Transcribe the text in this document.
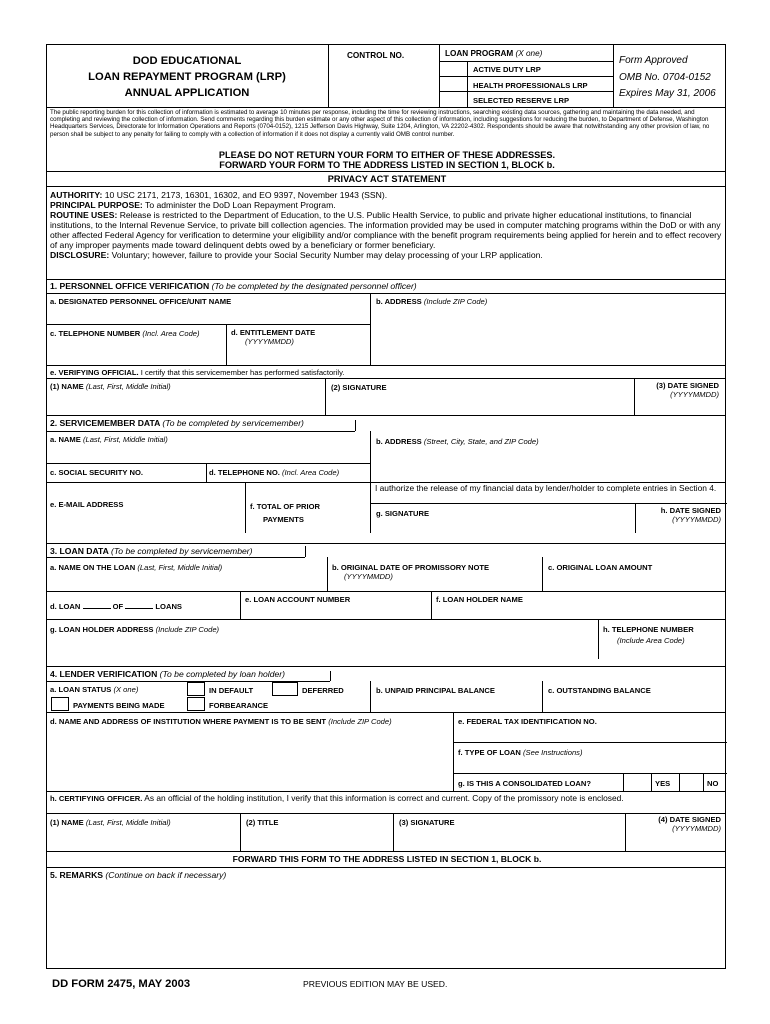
DOD EDUCATIONAL
LOAN REPAYMENT PROGRAM (LRP)
ANNUAL APPLICATION
CONTROL NO.	LOAN PROGRAM (X one)
ACTIVE DUTY LRP
HEALTH PROFESSIONALS LRP
SELECTED RESERVE LRP
Form Approved
OMB No. 0704-0152
Expires May 31, 2006
The public reporting burden for this collection of information is estimated to average 10 minutes per response, including the time for reviewing instructions, searching existing data sources, gathering and maintaining the data needed, and completing and reviewing the collection of information. Send comments regarding this burden estimate or any other aspect of this collection of information, including suggestions for reducing the burden, to Department of Defense, Washington Headquarters Services, Directorate for Information Operations and Reports (0704-0152), 1215 Jefferson Davis Highway, Suite 1204, Arlington, VA 22202-4302. Respondents should be aware that notwithstanding any other provision of law, no person shall be subject to any penalty for failing to comply with a collection of information if it does not display a currently valid OMB control number.
PLEASE DO NOT RETURN YOUR FORM TO EITHER OF THESE ADDRESSES.
FORWARD YOUR FORM TO THE ADDRESS LISTED IN SECTION 1, BLOCK b.
PRIVACY ACT STATEMENT
AUTHORITY: 10 USC 2171, 2173, 16301, 16302, and EO 9397, November 1943 (SSN).
PRINCIPAL PURPOSE: To administer the DoD Loan Repayment Program.
ROUTINE USES: Release is restricted to the Department of Education, to the U.S. Public Health Service, to public and private higher educational institutions, to financial institutions, to the Internal Revenue Service, to private bill collection agencies. The information provided may be used in computer matching programs within the DoD or with any other affected Federal Agency for verification to determine your eligibility and/or compliance with the benefit program requirements being applied for herein and to effect recovery of any improper payments made toward delinquent debts owed by a beneficiary or former beneficiary.
DISCLOSURE: Voluntary; however, failure to provide your Social Security Number may delay processing of your LRP application.
1. PERSONNEL OFFICE VERIFICATION (To be completed by the designated personnel officer)
a. DESIGNATED PERSONNEL OFFICE/UNIT NAME	b. ADDRESS (Include ZIP Code)
c. TELEPHONE NUMBER (Incl. Area Code)	d. ENTITLEMENT DATE
(YYYYMMDD)
e. VERIFYING OFFICIAL. I certify that this servicemember has performed satisfactorily.
(1) NAME (Last, First, Middle Initial)	(2) SIGNATURE	(3) DATE SIGNED
(YYYYMMDD)
2. SERVICEMEMBER DATA (To be completed by servicemember)
a. NAME (Last, First, Middle Initial)	b. ADDRESS (Street, City, State, and ZIP Code)
c. SOCIAL SECURITY NO.	d. TELEPHONE NO. (Incl. Area Code)
e. E-MAIL ADDRESS	f. TOTAL OF PRIOR
PAYMENTS
I authorize the release of my financial data by lender/holder to complete entries in Section 4.
g. SIGNATURE	h. DATE SIGNED
(YYYYMMDD)
3. LOAN DATA (To be completed by servicemember)
a. NAME ON THE LOAN (Last, First, Middle Initial)	b. ORIGINAL DATE OF PROMISSORY NOTE
(YYYYMMDD)
c. ORIGINAL LOAN AMOUNT
d. LOAN	OF	LOANS
e. LOAN ACCOUNT NUMBER	f. LOAN HOLDER NAME
g. LOAN HOLDER ADDRESS (Include ZIP Code)	h. TELEPHONE NUMBER
(Include Area Code)
4. LENDER VERIFICATION (To be completed by loan holder)
a. LOAN STATUS (X one)	IN DEFAULT	DEFERRED
PAYMENTS BEING MADE	FORBEARANCE
b. UNPAID PRINCIPAL BALANCE	c. OUTSTANDING BALANCE
d. NAME AND ADDRESS OF INSTITUTION WHERE PAYMENT IS TO BE SENT (Include ZIP Code)	e. FEDERAL TAX IDENTIFICATION NO.
f. TYPE OF LOAN (See Instructions)
g. IS THIS A CONSOLIDATED LOAN?	YES	NO
h. CERTIFYING OFFICER. As an official of the holding institution, I verify that this information is correct and current. Copy of the promissory note is enclosed.
(1) NAME (Last, First, Middle Initial)	(2) TITLE	(3) SIGNATURE	(4) DATE SIGNED
(YYYYMMDD)
FORWARD THIS FORM TO THE ADDRESS LISTED IN SECTION 1, BLOCK b.
5. REMARKS (Continue on back if necessary)
DD FORM 2475, MAY 2003	PREVIOUS EDITION MAY BE USED.
